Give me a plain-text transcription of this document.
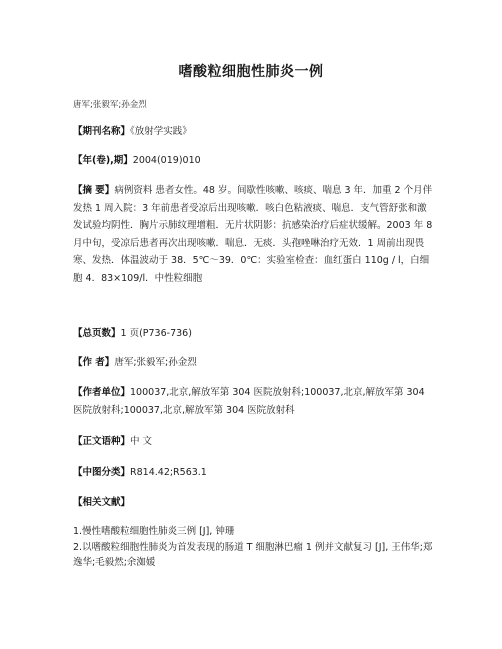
嗜酸粒细胞性肺炎一例
唐军;张毅军;孙金烈
【期刊名称】《放射学实践》
【年(卷),期】2004(019)010
【摘 要】病例资料 患者女性。48 岁。间歇性咳嗽、咳痰、喘息 3 年．加重 2 个月伴发热 1 周入院：3 年前患者受凉后出现咳嗽．咳白色粘液痰、喘息．支气管舒张和激发试验均阴性．胸片示肺纹理增粗．无片状阴影：抗感染治疗后症状缓解。2003 年 8 月中旬，受凉后患者再次出现咳嗽．喘息．无痰．头孢唑啉治疗无效．1 周前出现畏寒、发热．体温波动于 38．5℃～39．0℃：实验室检查：血红蛋白 110g / l，白细胞 4．83×109/l．中性粒细胞
【总页数】1 页(P736-736)
【作 者】唐军;张毅军;孙金烈
【作者单位】100037,北京,解放军第 304 医院放射科;100037,北京,解放军第 304 医院放射科;100037,北京,解放军第 304 医院放射科
【正文语种】中 文
【中图分类】R814.42;R563.1
【相关文献】
1.慢性嗜酸粒细胞性肺炎三例 [J], 钟珊
2.以嗜酸粒细胞性肺炎为首发表现的肠道 T 细胞淋巴瘤 1 例并文献复习 [J], 王伟华;郑逸华;毛毅然;余洳媛
